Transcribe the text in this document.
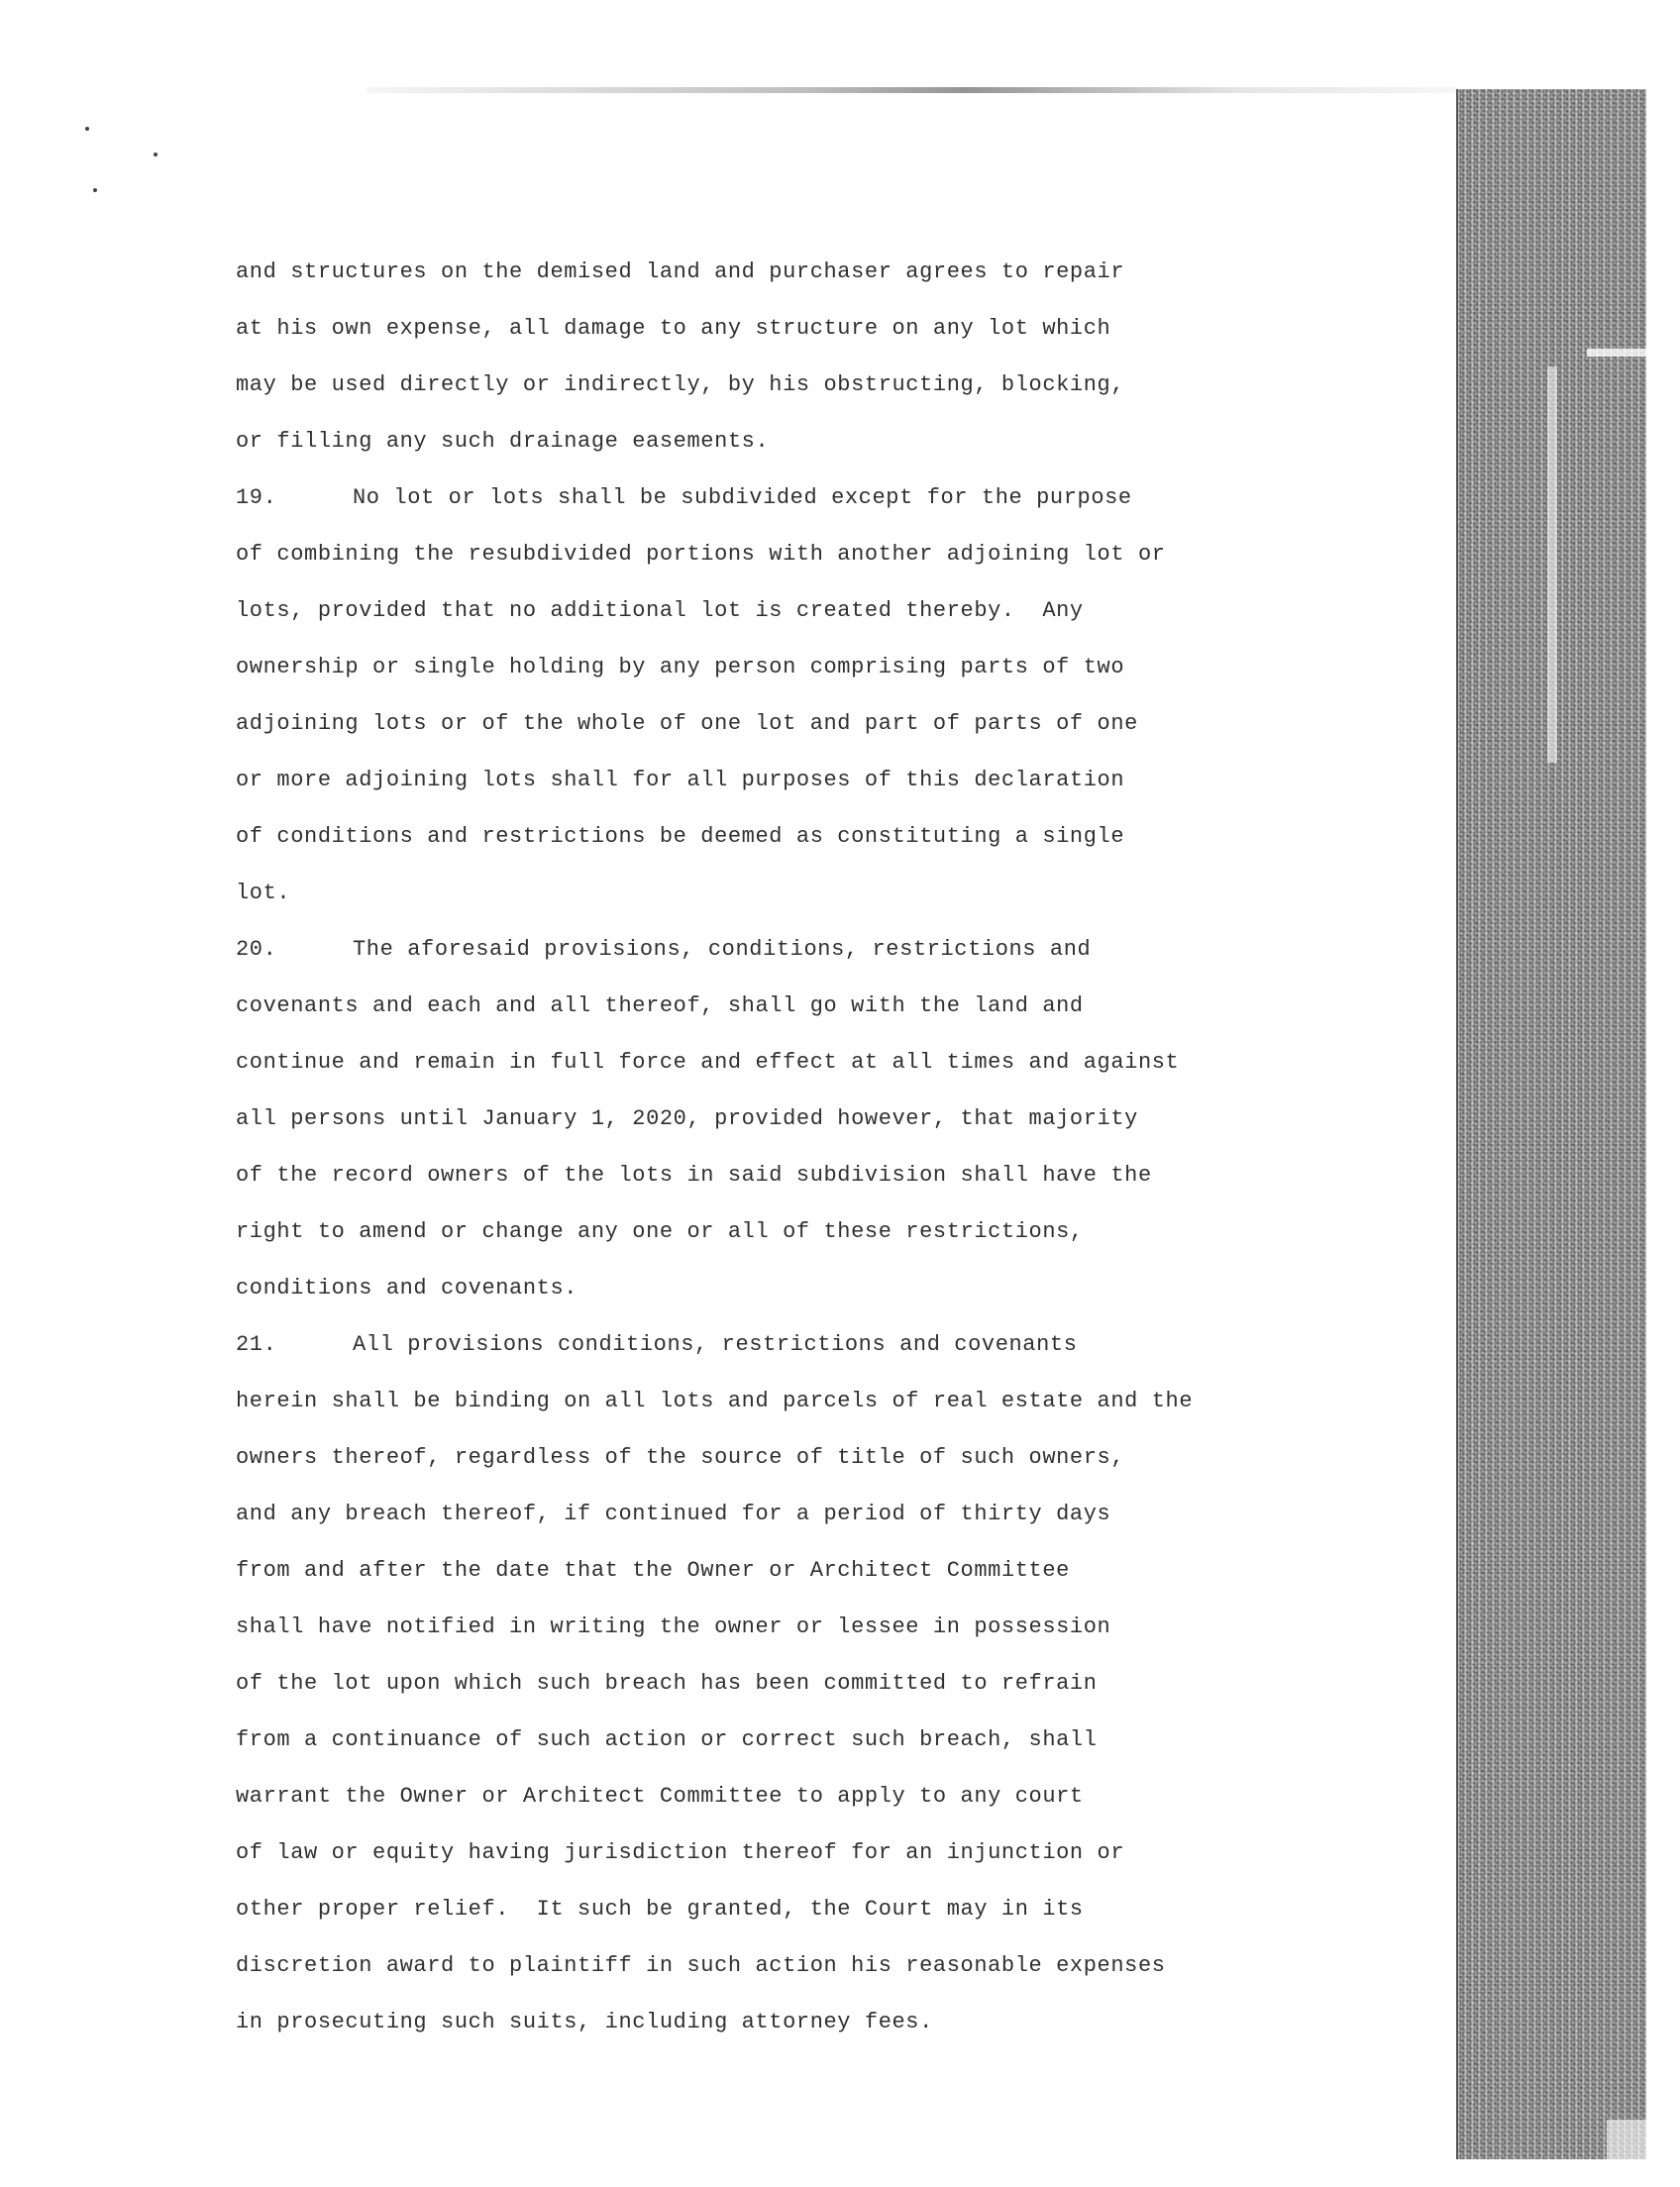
and structures on the demised land and purchaser agrees to repair
at his own expense, all damage to any structure on any lot which
may be used directly or indirectly, by his obstructing, blocking,
or filling any such drainage easements.
19.	No lot or lots shall be subdivided except for the purpose
of combining the resubdivided portions with another adjoining lot or
lots, provided that no additional lot is created thereby.  Any
ownership or single holding by any person comprising parts of two
adjoining lots or of the whole of one lot and part of parts of one
or more adjoining lots shall for all purposes of this declaration
of conditions and restrictions be deemed as constituting a single
lot.
20.	The aforesaid provisions, conditions, restrictions and
covenants and each and all thereof, shall go with the land and
continue and remain in full force and effect at all times and against
all persons until January 1, 2020, provided however, that majority
of the record owners of the lots in said subdivision shall have the
right to amend or change any one or all of these restrictions,
conditions and covenants.
21.	All provisions conditions, restrictions and covenants
herein shall be binding on all lots and parcels of real estate and the
owners thereof, regardless of the source of title of such owners,
and any breach thereof, if continued for a period of thirty days
from and after the date that the Owner or Architect Committee
shall have notified in writing the owner or lessee in possession
of the lot upon which such breach has been committed to refrain
from a continuance of such action or correct such breach, shall
warrant the Owner or Architect Committee to apply to any court
of law or equity having jurisdiction thereof for an injunction or
other proper relief.  It such be granted, the Court may in its
discretion award to plaintiff in such action his reasonable expenses
in prosecuting such suits, including attorney fees.
